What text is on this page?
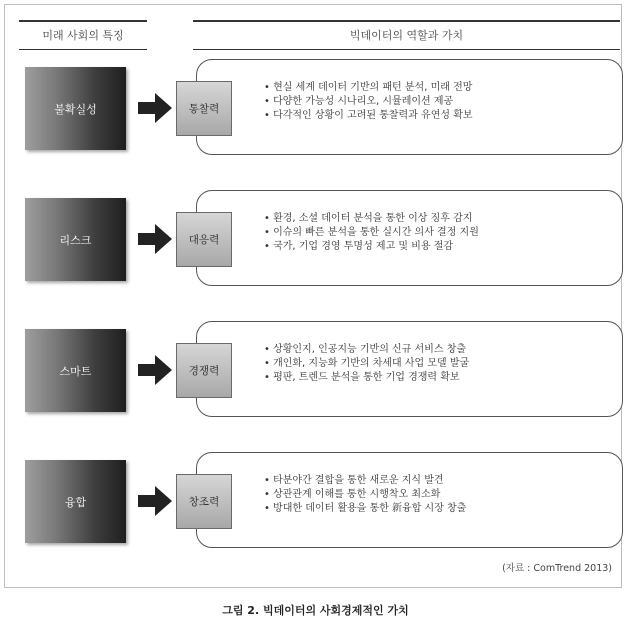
미래 사회의 특징	빅데이터의 역할과 가치
불확실성	통찰력
• 현실 세계 데이터 기반의 패턴 분석, 미래 전망
• 다양한 가능성 시나리오, 시뮬레이션 제공
• 다각적인 상황이 고려된 통찰력과 유연성 확보
리스크	대응력
• 환경, 소셜 데이터 분석을 통한 이상 징후 감지
• 이슈의 빠른 분석을 통한 실시간 의사 결정 지원
• 국가, 기업 경영 투명성 제고 및 비용 절감
스마트	경쟁력
• 상황인지, 인공지능 기반의 신규 서비스 창출
• 개인화, 지능화 기반의 차세대 사업 모델 발굴
• 평판, 트렌드 분석을 통한 기업 경쟁력 확보
융합	창조력
• 타분야간 결합을 통한 새로운 지식 발견
• 상관관계 이해를 통한 시행착오 최소화
• 방대한 데이터 활용을 통한 新융합 시장 창출
(자료 : ComTrend 2013)
그림 2. 빅데이터의 사회경제적인 가치
